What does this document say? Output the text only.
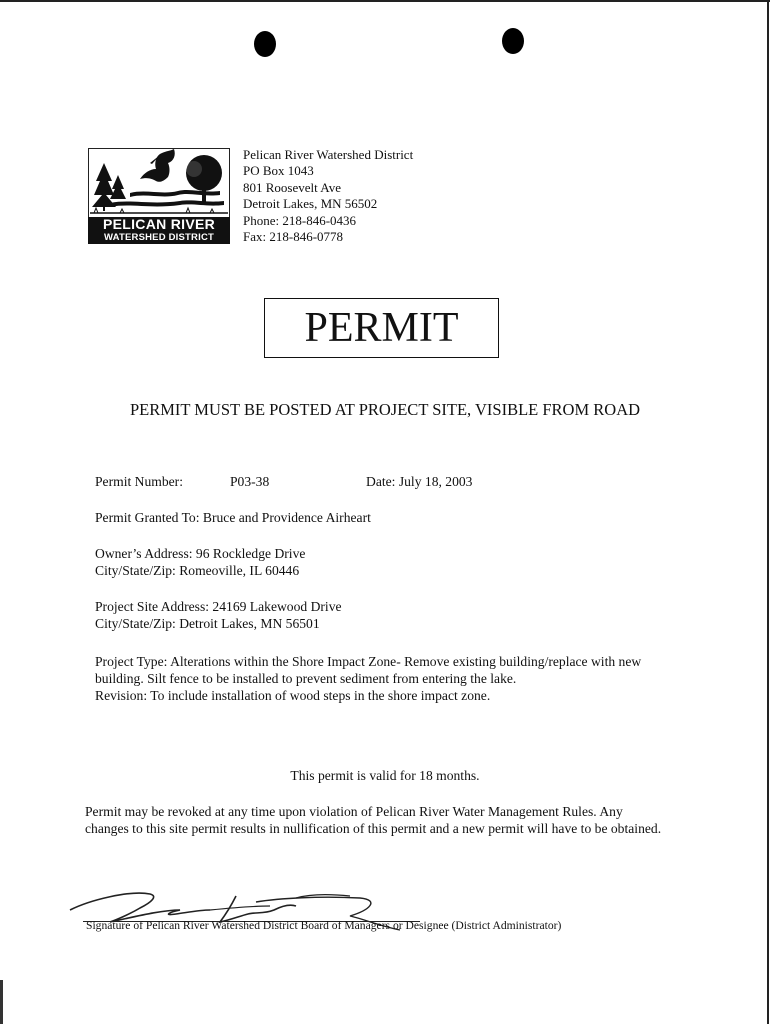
PELICAN RIVER
WATERSHED DISTRICT
Pelican River Watershed District
PO Box 1043
801 Roosevelt Ave
Detroit Lakes, MN 56502
Phone: 218-846-0436
Fax: 218-846-0778
PERMIT
PERMIT MUST BE POSTED AT PROJECT SITE, VISIBLE FROM ROAD
Permit Number:	P03-38	Date: July 18, 2003
Permit Granted To: Bruce and Providence Airheart
Owner’s Address: 96 Rockledge Drive
City/State/Zip: Romeoville, IL 60446
Project Site Address: 24169 Lakewood Drive
City/State/Zip: Detroit Lakes, MN 56501
Project Type: Alterations within the Shore Impact Zone- Remove existing building/replace with new
building. Silt fence to be installed to prevent sediment from entering the lake.
Revision: To include installation of wood steps in the shore impact zone.
This permit is valid for 18 months.
Permit may be revoked at any time upon violation of Pelican River Water Management Rules. Any
changes to this site permit results in nullification of this permit and a new permit will have to be obtained.
Signature of Pelican River Watershed District Board of Managers or Designee (District Administrator)
